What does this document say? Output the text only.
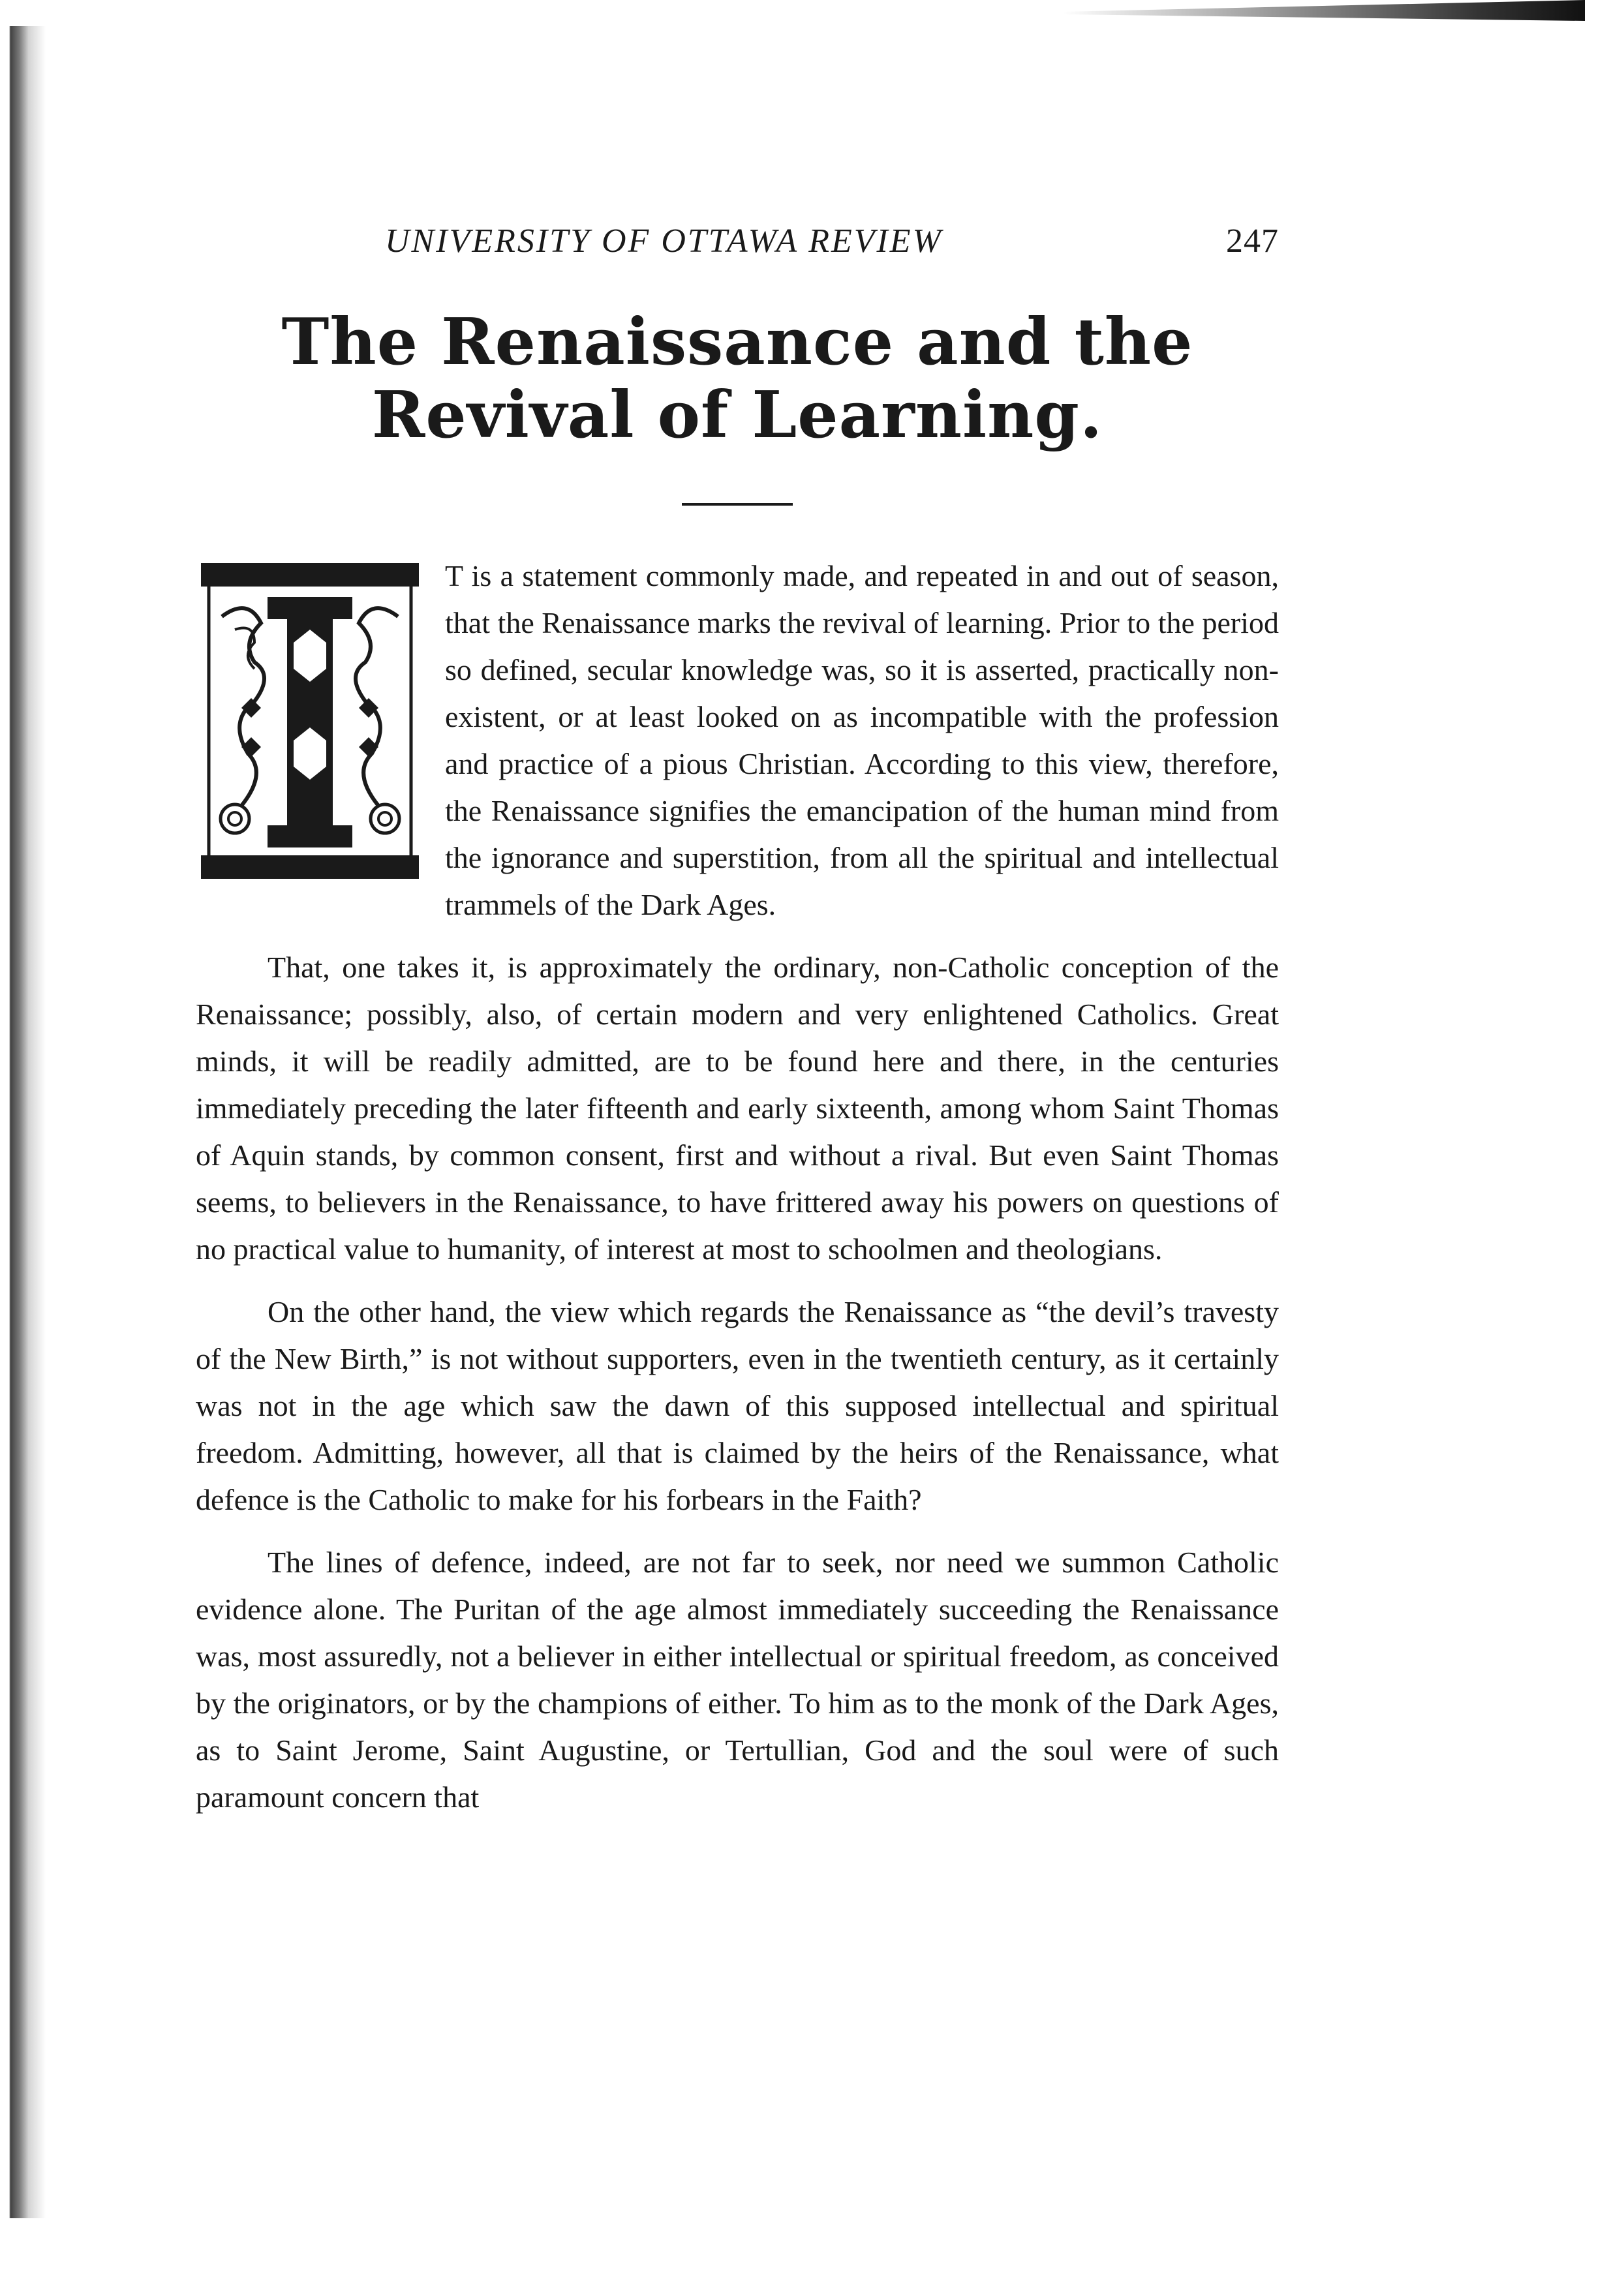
UNIVERSITY OF OTTAWA REVIEW	247
The Renaissance and the Revival of Learning.
I

T is a statement commonly made, and repeated in and out of season, that the Renaissance marks the revival of learning. Prior to the period so defined, secular knowledge was, so it is asserted, practically non-existent, or at least looked on as incompatible with the profession and practice of a pious Christian. According to this view, therefore, the Renaissance signifies the emancipation of the human mind from the ignorance and superstition, from all the spiritual and intellectual trammels of the Dark Ages.

That, one takes it, is approximately the ordinary, non-Catholic conception of the Renaissance; possibly, also, of certain modern and very enlightened Catholics. Great minds, it will be readily admitted, are to be found here and there, in the centuries immediately preceding the later fifteenth and early sixteenth, among whom Saint Thomas of Aquin stands, by common consent, first and without a rival. But even Saint Thomas seems, to believers in the Renaissance, to have frittered away his powers on questions of no practical value to humanity, of interest at most to schoolmen and theologians.

On the other hand, the view which regards the Renaissance as “the devil’s travesty of the New Birth,” is not without supporters, even in the twentieth century, as it certainly was not in the age which saw the dawn of this supposed intellectual and spiritual freedom. Admitting, however, all that is claimed by the heirs of the Renaissance, what defence is the Catholic to make for his forbears in the Faith?

The lines of defence, indeed, are not far to seek, nor need we summon Catholic evidence alone. The Puritan of the age almost immediately succeeding the Renaissance was, most assuredly, not a believer in either intellectual or spiritual freedom, as conceived by the originators, or by the champions of either. To him as to the monk of the Dark Ages, as to Saint Jerome, Saint Augustine, or Tertullian, God and the soul were of such paramount concern that
